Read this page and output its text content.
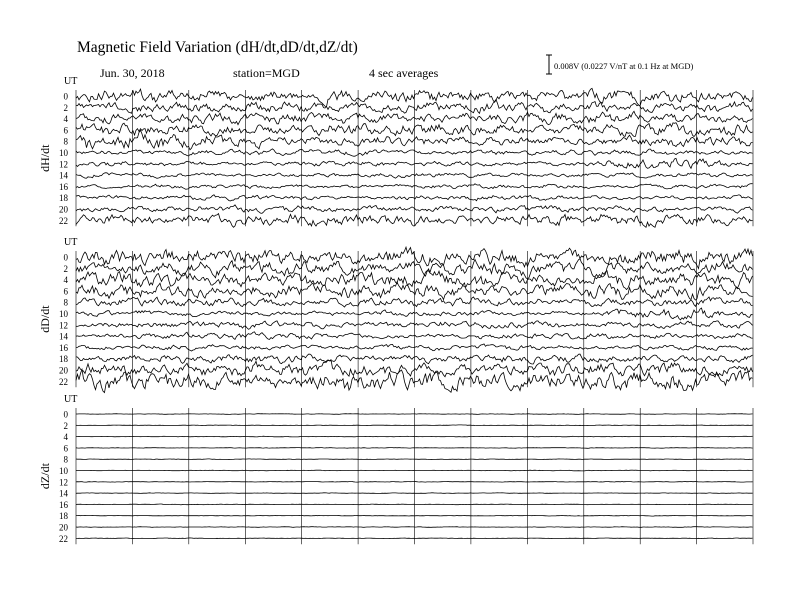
UT
dH/dt
0
2
4
6
8
10
12
14
16
18
20
22
UT
dD/dt
0
2
4
6
8
10
12
14
16
18
20
22
UT
dZ/dt
0
2
4
6
8
10
12
14
16
18
20
22
Magnetic Field Variation (dH/dt,dD/dt,dZ/dt)
Jun. 30, 2018	station=MGD	4 sec averages	0.008V (0.0227 V/nT at 0.1 Hz at MGD)
